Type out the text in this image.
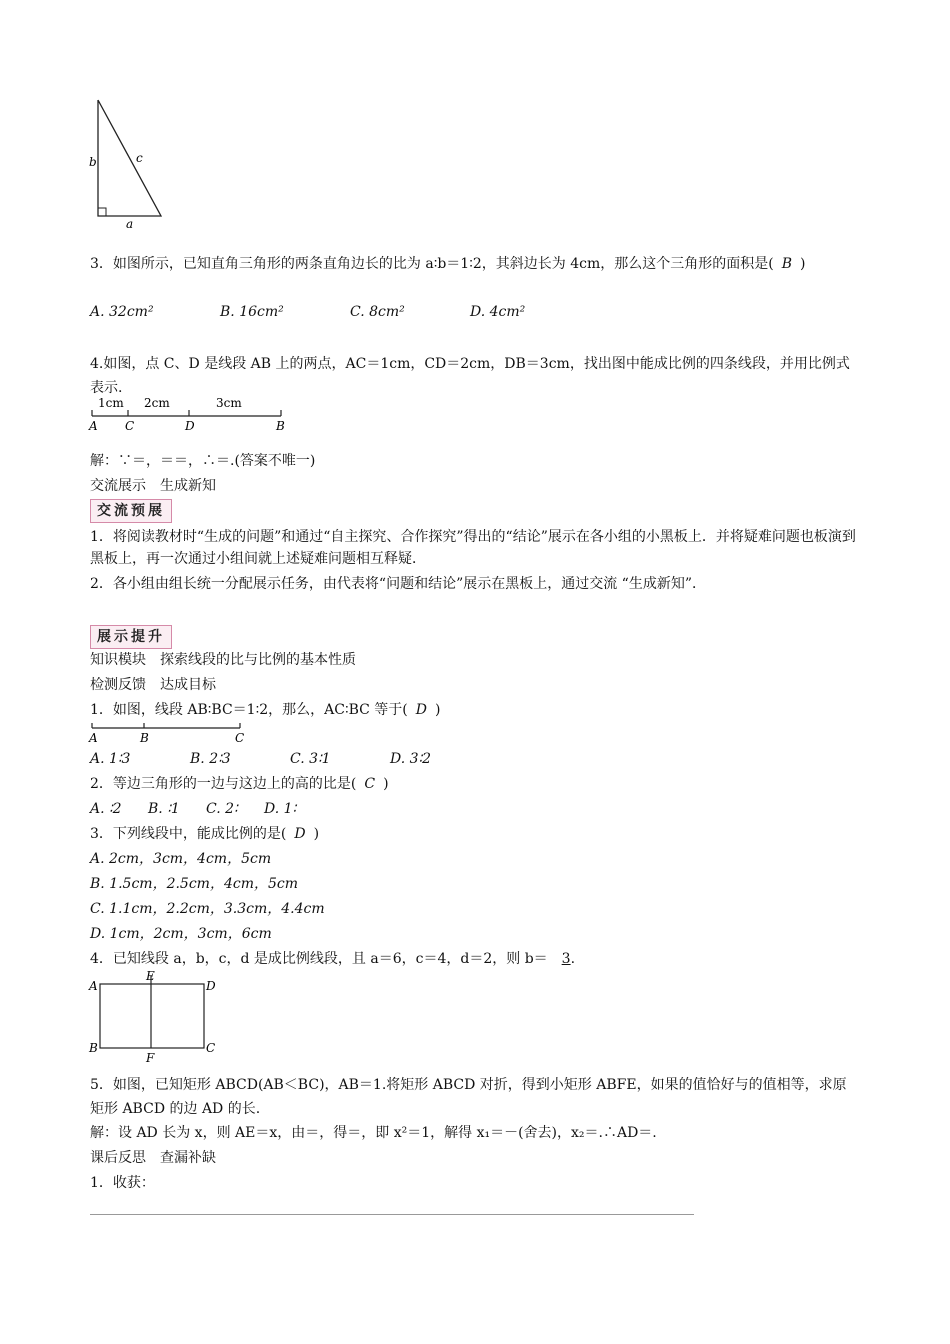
b	c
a
3．如图所示，已知直角三角形的两条直角边长的比为 a∶b＝1∶2，其斜边长为 4cm，那么这个三角形的面积是( B )
A. 32cm²	B. 16cm²	C. 8cm²	D. 4cm²
4.如图，点 C、D 是线段 AB 上的两点，AC＝1cm，CD＝2cm，DB＝3cm，找出图中能成比例的四条线段，并用比例式表示.
1cm 2cm	3cm
A C	D	B
解：∵＝，＝＝，∴＝.(答案不唯一)
交流展示　生成新知
交流预展
1．将阅读教材时“生成的问题”和通过“自主探究、合作探究”得出的“结论”展示在各小组的小黑板上．并将疑难问题也板演到黑板上，再一次通过小组间就上述疑难问题相互释疑．
2．各小组由组长统一分配展示任务，由代表将“问题和结论”展示在黑板上，通过交流 “生成新知”．
展示提升
知识模块　探索线段的比与比例的基本性质
检测反馈　达成目标
1．如图，线段 AB∶BC＝1∶2，那么，AC∶BC 等于( D )
A	B	C
A. 1∶3	B. 2∶3	C. 3∶1	D. 3∶2
2．等边三角形的一边与这边上的高的比是( C )
A. ∶2 B. ∶1 C. 2∶ D. 1∶
3．下列线段中，能成比例的是( D )
A. 2cm，3cm，4cm，5cm
B. 1.5cm，2.5cm，4cm，5cm
C. 1.1cm，2.2cm，3.3cm，4.4cm
D. 1cm，2cm，3cm，6cm
4．已知线段 a，b，c，d 是成比例线段，且 a＝6，c＝4，d＝2，则 b＝ 3.
A
E
D
B
F
C
5．如图，已知矩形 ABCD(AB＜BC)，AB＝1.将矩形 ABCD 对折，得到小矩形 ABFE，如果的值恰好与的值相等，求原矩形 ABCD 的边 AD 的长.
解：设 AD 长为 x，则 AE＝x，由＝，得＝，即 x²＝1，解得 x₁＝－(舍去)，x₂＝.∴AD＝.
课后反思　查漏补缺
1．收获：
